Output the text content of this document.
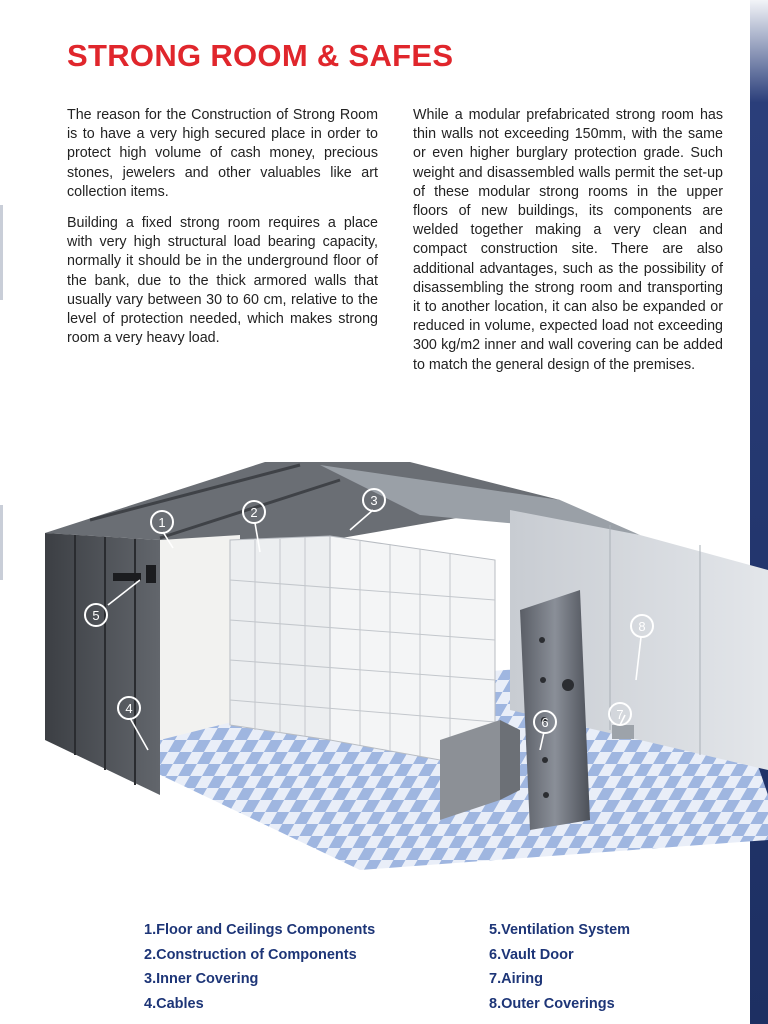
STRONG ROOM & SAFES

The reason for the Construction of Strong Room is to have a very high secured place in order to protect high volume of cash money, precious stones, jewelers and other valuables like art collection items.

Building a fixed strong room requires a place with very high structural load bearing capacity, normally it should be in the underground floor of the bank, due to the thick armored walls that usually vary between 30 to 60 cm, relative to the level of protection needed, which makes strong room a very heavy load.

While a modular prefabricated strong room has thin walls not exceeding 150mm, with the same or even higher burglary protection grade. Such weight and disassembled walls permit the set-up of these modular strong rooms in the upper floors of new buildings, its components are welded together making a very clean and compact construction site. There are also additional advantages, such as the possibility of disassembling the strong room and transporting it to another location, it can also be expanded or reduced in volume, expected load not exceeding 300 kg/m2 inner and wall covering can be added to match the general design of the premises.

1
2
3
4
5
6
7
8
1.Floor and Ceilings Components
2.Construction of Components
3.Inner Covering
4.Cables
5.Ventilation System
6.Vault Door
7.Airing
8.Outer Coverings
